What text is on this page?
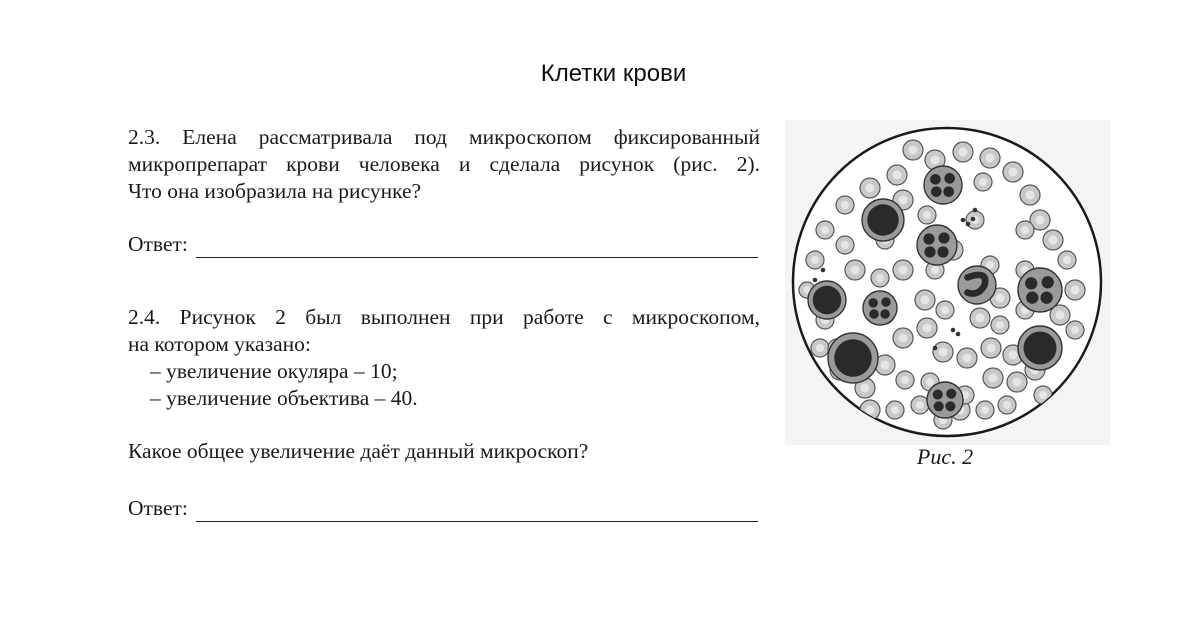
Клетки крови

2.3. Елена рассматривала под микроскопом фиксированный

микропрепарат крови человека и сделала рисунок (рис. 2).

Что она изобразила на рисунке?

Ответ:

2.4. Рисунок 2 был выполнен при работе с микроскопом,

на котором указано:

– увеличение окуляра – 10;

– увеличение объектива – 40.

Какое общее увеличение даёт данный микроскоп?
Ответ:
Рис. 2
